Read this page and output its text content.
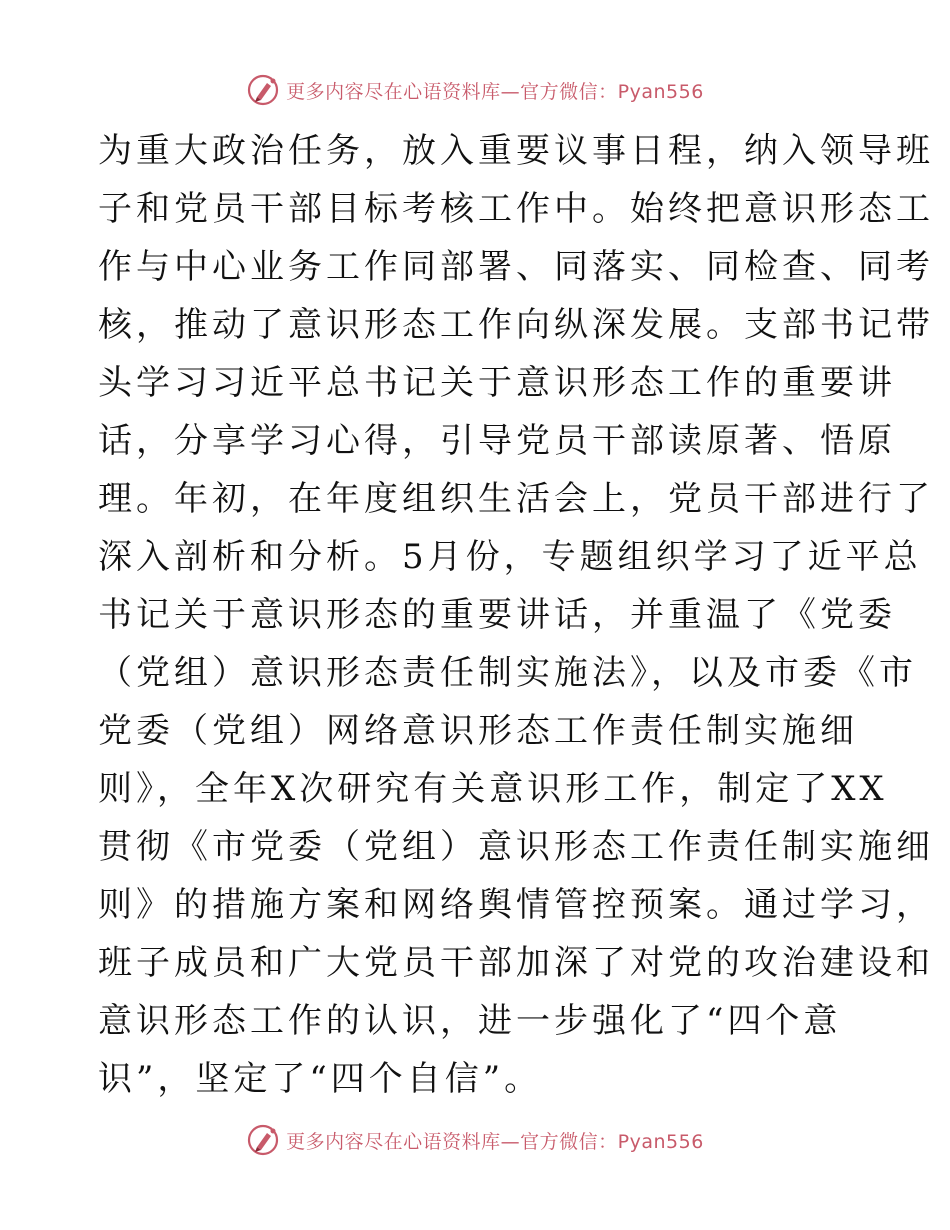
更多内容尽在心语资料库—官方微信：Pyan556
为重大政治任务，放入重要议事日程，纳入领导班
子和党员干部目标考核工作中。始终把意识形态工
作与中心业务工作同部署、同落实、同检查、同考
核，推动了意识形态工作向纵深发展。支部书记带
头学习习近平总书记关于意识形态工作的重要讲
话，分享学习心得，引导党员干部读原著、悟原
理。年初，在年度组织生活会上，党员干部进行了
深入剖析和分析。5月份，专题组织学习了近平总
书记关于意识形态的重要讲话，并重温了《党委
（党组）意识形态责任制实施法》，以及市委《市
党委（党组）网络意识形态工作责任制实施细
则》，全年X次研究有关意识形工作，制定了XX
贯彻《市党委（党组）意识形态工作责任制实施细
则》的措施方案和网络舆情管控预案。通过学习，
班子成员和广大党员干部加深了对党的攻治建设和
意识形态工作的认识，进一步强化了“四个意
识”，坚定了“四个自信”。
更多内容尽在心语资料库—官方微信：Pyan556
